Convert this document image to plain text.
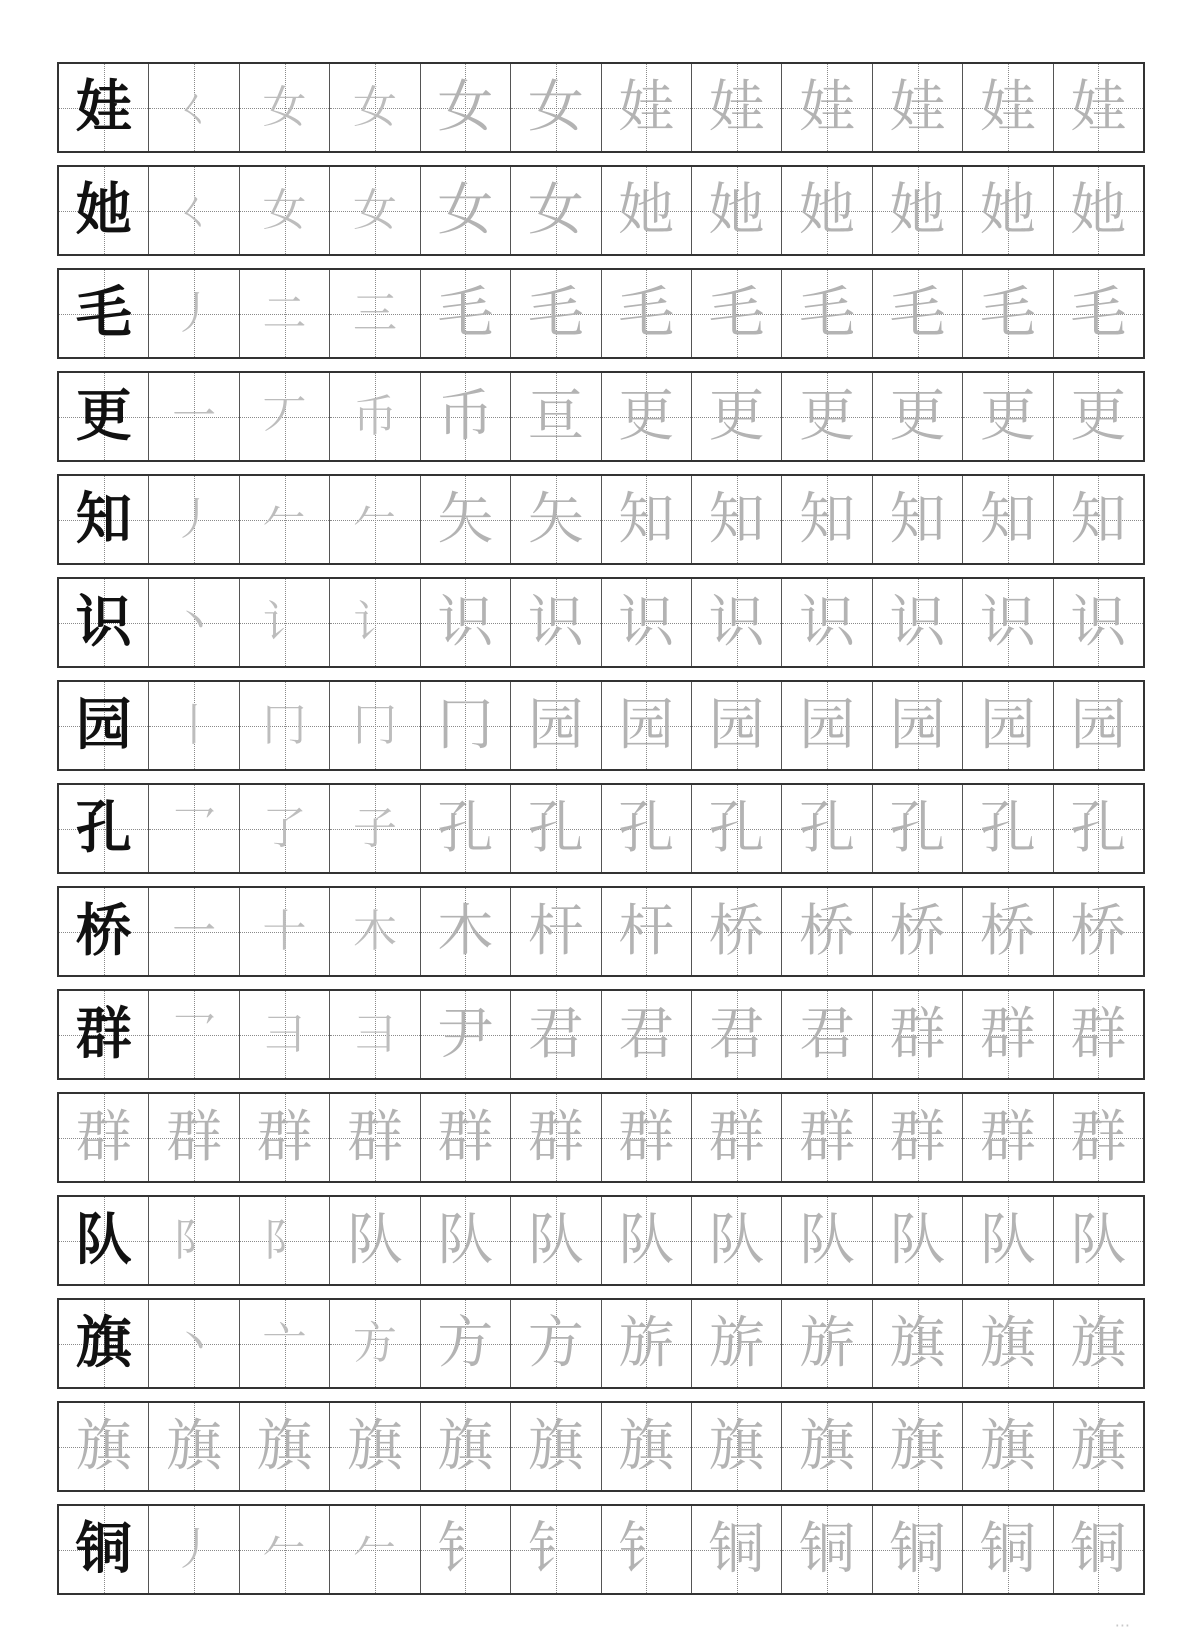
娃 ㄑ 女 女 女 女 娃 娃 娃 娃 娃 娃
她 ㄑ 女 女 女 女 她 她 她 她 她 她
毛 丿 二 三 毛 毛 毛 毛 毛 毛 毛 毛
更 一 丆 币 币 亘 更 更 更 更 更 更
知 丿 𠂉 𠂉 矢 矢 知 知 知 知 知 知
识 丶 讠 讠 识 识 识 识 识 识 识 识
园 丨 冂 冂 冂 园 园 园 园 园 园 园
孔 乛 了 子 孔 孔 孔 孔 孔 孔 孔 孔
桥 一 十 木 木 杆 杆 桥 桥 桥 桥 桥
群 乛 彐 彐 尹 君 君 君 君 群 群 群
群 群 群 群 群 群 群 群 群 群 群 群
队 阝 阝 队 队 队 队 队 队 队 队 队
旗 丶 亠 方 方 方 旂 旂 旂 旗 旗 旗
旗 旗 旗 旗 旗 旗 旗 旗 旗 旗 旗 旗
铜 丿 𠂉 𠂉 钅 钅 钅 铜 铜 铜 铜 铜
···
